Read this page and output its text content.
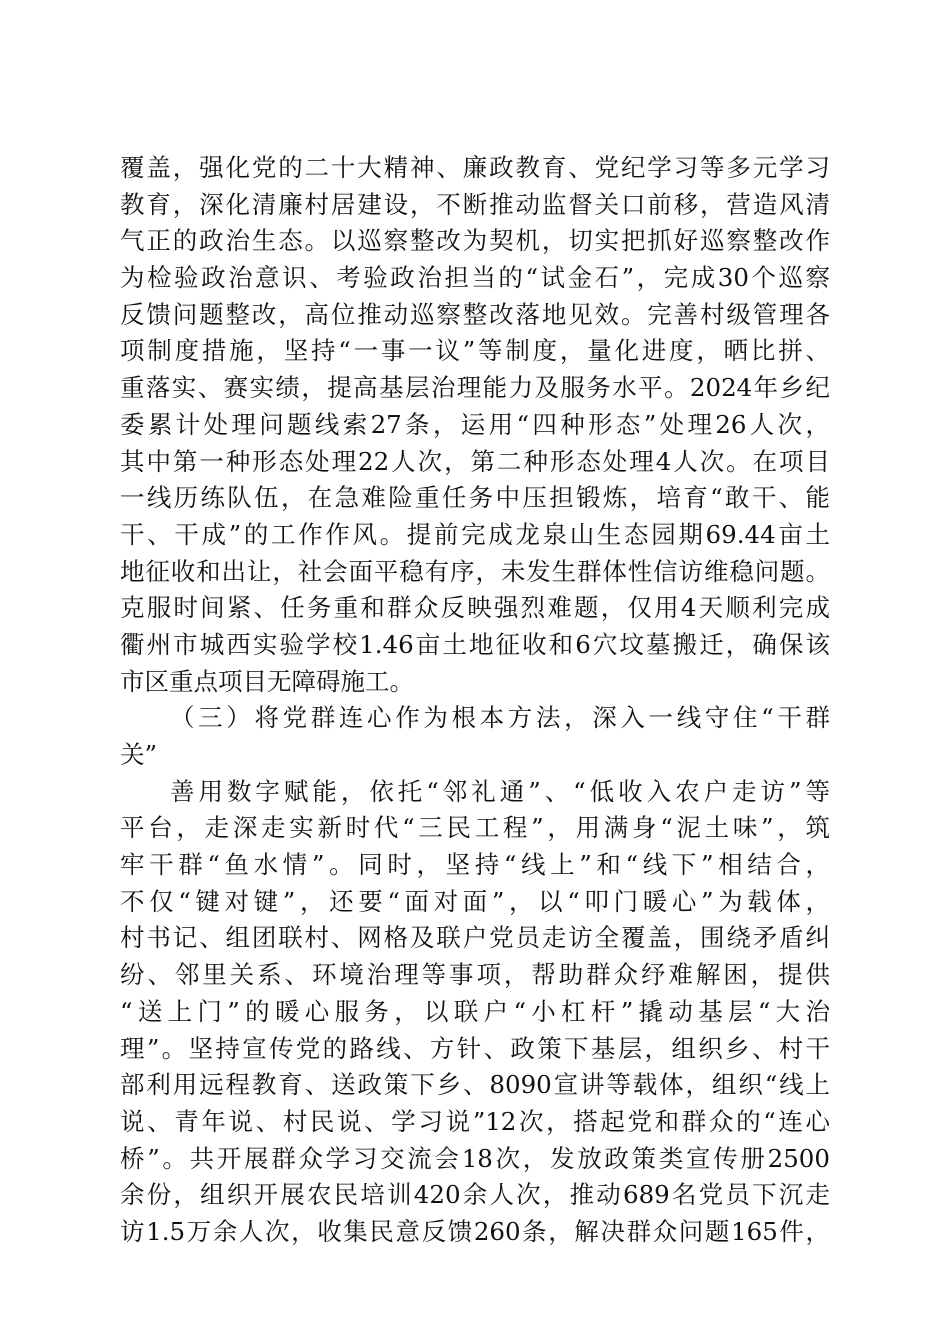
覆盖，强化党的二十大精神、廉政教育、党纪学习等多元学习
教育，深化清廉村居建设，不断推动监督关口前移，营造风清
气正的政治生态。以巡察整改为契机，切实把抓好巡察整改作
为检验政治意识、考验政治担当的“试金石”，完成30个巡察
反馈问题整改，高位推动巡察整改落地见效。完善村级管理各
项制度措施，坚持“一事一议”等制度，量化进度，晒比拼、
重落实、赛实绩，提高基层治理能力及服务水平。2024年乡纪
委累计处理问题线索27条，运用“四种形态”处理26人次，
其中第一种形态处理22人次，第二种形态处理4人次。在项目
一线历练队伍，在急难险重任务中压担锻炼，培育“敢干、能
干、干成”的工作作风。提前完成龙泉山生态园期69.44亩土
地征收和出让，社会面平稳有序，未发生群体性信访维稳问题。
克服时间紧、任务重和群众反映强烈难题，仅用4天顺利完成
衢州市城西实验学校1.46亩土地征收和6穴坟墓搬迁，确保该
市区重点项目无障碍施工。
（三）将党群连心作为根本方法，深入一线守住“干群
关”
善用数字赋能，依托“邻礼通”、“低收入农户走访”等
平台，走深走实新时代“三民工程”，用满身“泥土味”，筑
牢干群“鱼水情”。同时，坚持“线上”和“线下”相结合，
不仅“键对键”，还要“面对面”，以“叩门暖心”为载体，
村书记、组团联村、网格及联户党员走访全覆盖，围绕矛盾纠
纷、邻里关系、环境治理等事项，帮助群众纾难解困，提供
“送上门”的暖心服务，以联户“小杠杆”撬动基层“大治
理”。坚持宣传党的路线、方针、政策下基层，组织乡、村干
部利用远程教育、送政策下乡、8090宣讲等载体，组织“线上
说、青年说、村民说、学习说”12次，搭起党和群众的“连心
桥”。共开展群众学习交流会18次，发放政策类宣传册2500
余份，组织开展农民培训420余人次，推动689名党员下沉走
访1.5万余人次，收集民意反馈260条，解决群众问题165件，
